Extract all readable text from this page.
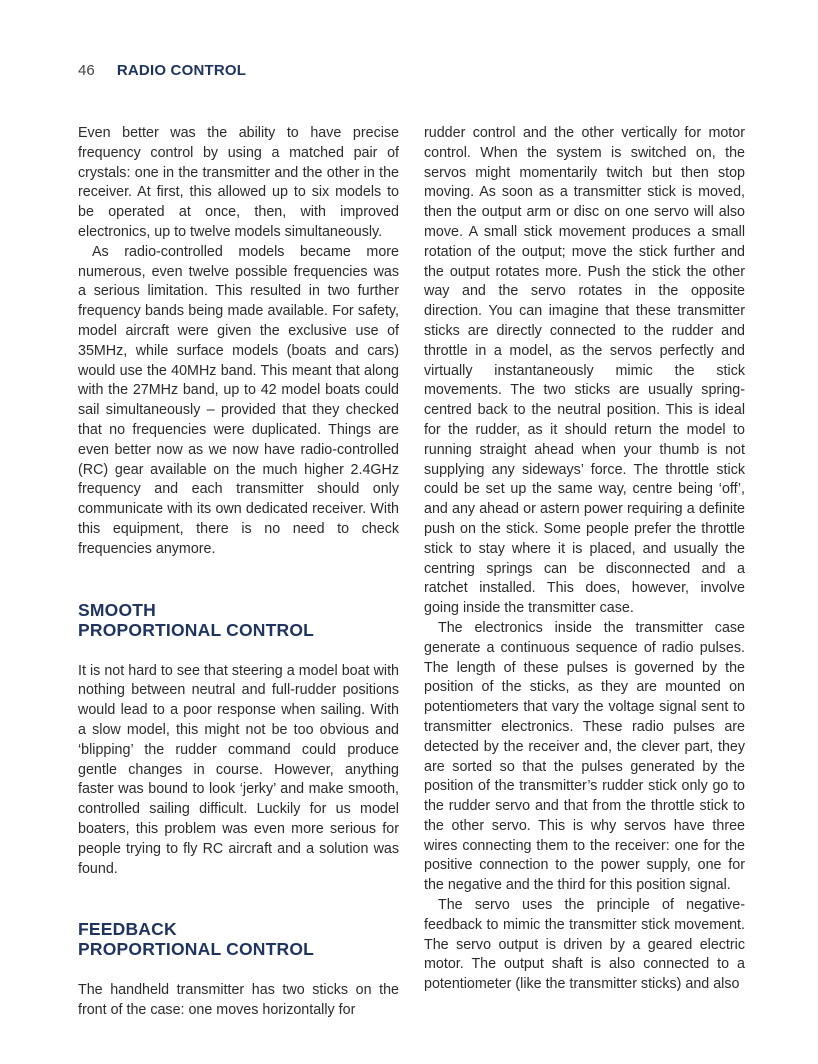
46 RADIO CONTROL

Even better was the ability to have precise frequency control by using a matched pair of crystals: one in the transmitter and the other in the receiver. At first, this allowed up to six models to be operated at once, then, with improved electronics, up to twelve models simultaneously.

As radio-controlled models became more numerous, even twelve possible frequencies was a serious limitation. This resulted in two further frequency bands being made available. For safety, model aircraft were given the exclusive use of 35MHz, while surface models (boats and cars) would use the 40MHz band. This meant that along with the 27MHz band, up to 42 model boats could sail simultaneously – provided that they checked that no frequencies were duplicated. Things are even better now as we now have radio-controlled (RC) gear available on the much higher 2.4GHz frequency and each transmitter should only communicate with its own dedicated receiver. With this equipment, there is no need to check frequencies anymore.

SMOOTH
PROPORTIONAL CONTROL

It is not hard to see that steering a model boat with nothing between neutral and full-rudder positions would lead to a poor response when sailing. With a slow model, this might not be too obvious and ‘blipping’ the rudder command could produce gentle changes in course. However, anything faster was bound to look ‘jerky’ and make smooth, controlled sailing difficult. Luckily for us model boaters, this problem was even more serious for people trying to fly RC aircraft and a solution was found.

FEEDBACK
PROPORTIONAL CONTROL

The handheld transmitter has two sticks on the front of the case: one moves horizontally for

rudder control and the other vertically for motor control. When the system is switched on, the servos might momentarily twitch but then stop moving. As soon as a transmitter stick is moved, then the output arm or disc on one servo will also move. A small stick movement produces a small rotation of the output; move the stick further and the output rotates more. Push the stick the other way and the servo rotates in the opposite direction. You can imagine that these transmitter sticks are directly connected to the rudder and throttle in a model, as the servos perfectly and virtually instantaneously mimic the stick movements. The two sticks are usually spring-centred back to the neutral position. This is ideal for the rudder, as it should return the model to running straight ahead when your thumb is not supplying any sideways’ force. The throttle stick could be set up the same way, centre being ‘off’, and any ahead or astern power requiring a definite push on the stick. Some people prefer the throttle stick to stay where it is placed, and usually the centring springs can be disconnected and a ratchet installed. This does, however, involve going inside the transmitter case.

The electronics inside the transmitter case generate a continuous sequence of radio pulses. The length of these pulses is governed by the position of the sticks, as they are mounted on potentiometers that vary the voltage signal sent to transmitter electronics. These radio pulses are detected by the receiver and, the clever part, they are sorted so that the pulses generated by the position of the transmitter’s rudder stick only go to the rudder servo and that from the throttle stick to the other servo. This is why servos have three wires connecting them to the receiver: one for the positive connection to the power supply, one for the negative and the third for this position signal.

The servo uses the principle of negative-feedback to mimic the transmitter stick movement. The servo output is driven by a geared electric motor. The output shaft is also connected to a potentiometer (like the transmitter sticks) and also
